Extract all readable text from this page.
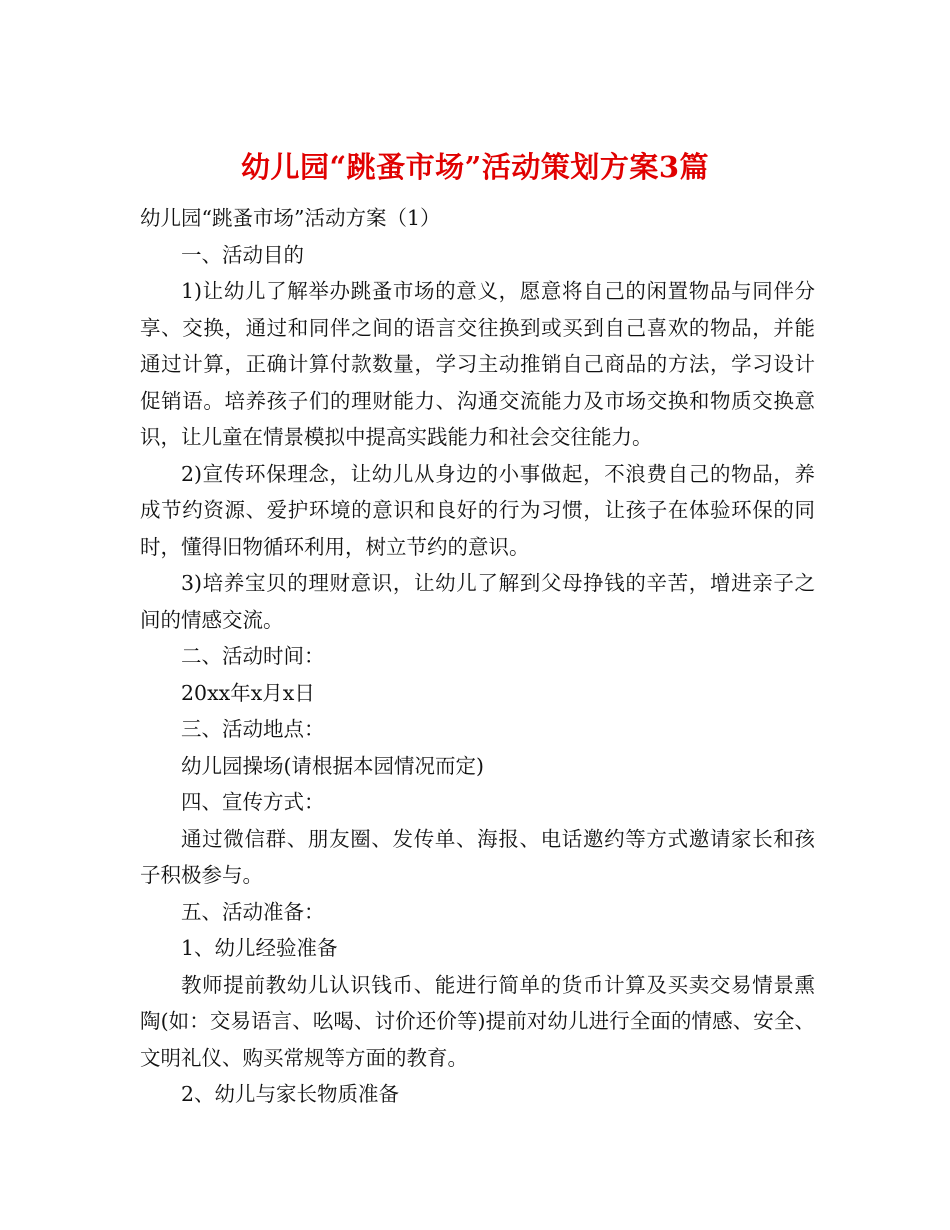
幼儿园“跳蚤市场”活动策划方案3篇

幼儿园“跳蚤市场”活动方案（1）

一、活动目的

1)让幼儿了解举办跳蚤市场的意义，愿意将自己的闲置物品与同伴分享、交换，通过和同伴之间的语言交往换到或买到自己喜欢的物品，并能通过计算，正确计算付款数量，学习主动推销自己商品的方法，学习设计促销语。培养孩子们的理财能力、沟通交流能力及市场交换和物质交换意识，让儿童在情景模拟中提高实践能力和社会交往能力。

2)宣传环保理念，让幼儿从身边的小事做起，不浪费自己的物品，养成节约资源、爱护环境的意识和良好的行为习惯，让孩子在体验环保的同时，懂得旧物循环利用，树立节约的意识。

3)培养宝贝的理财意识，让幼儿了解到父母挣钱的辛苦，增进亲子之间的情感交流。

二、活动时间：

20xx年x月x日

三、活动地点：

幼儿园操场(请根据本园情况而定)

四、宣传方式：

通过微信群、朋友圈、发传单、海报、电话邀约等方式邀请家长和孩子积极参与。

五、活动准备：

1、幼儿经验准备

教师提前教幼儿认识钱币、能进行简单的货币计算及买卖交易情景熏陶(如：交易语言、吆喝、讨价还价等)提前对幼儿进行全面的情感、安全、文明礼仪、购买常规等方面的教育。

2、幼儿与家长物质准备
